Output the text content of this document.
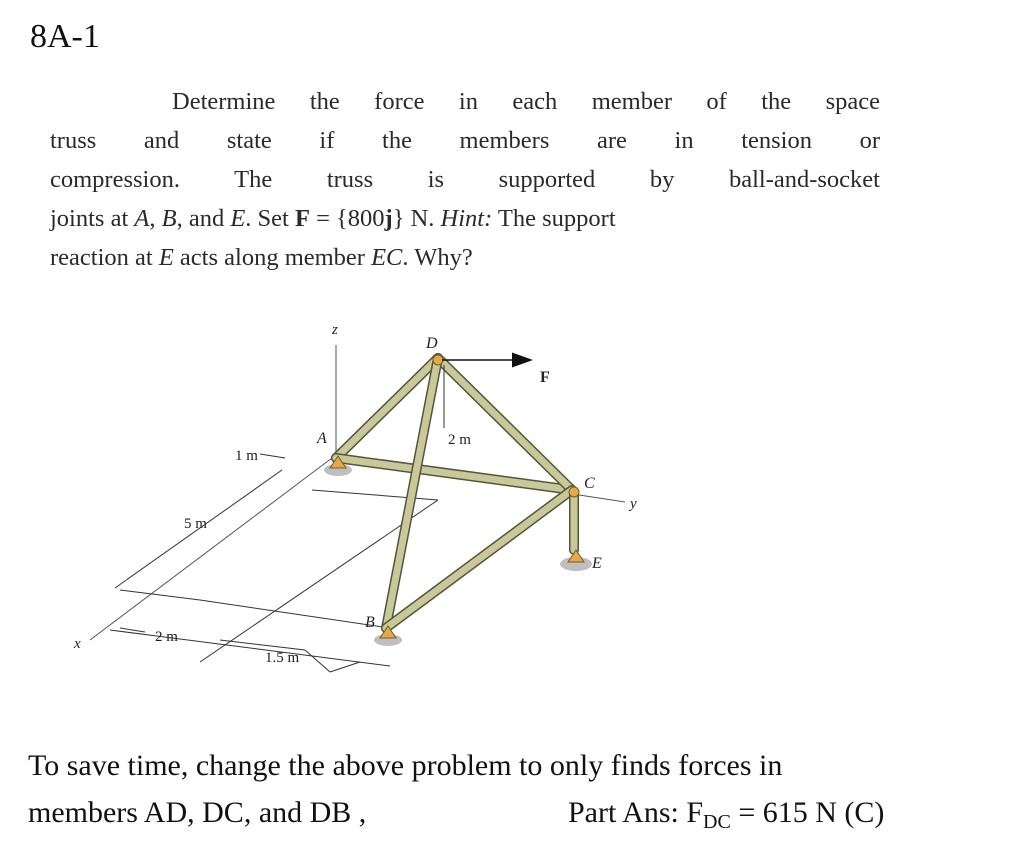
8A-1
Determine the force in each member of the space
truss and state if the members are in tension or
compression. The truss is supported by ball-and-socket
joints at A, B, and E. Set F = {800j} N. Hint: The support
reaction at E acts along member EC. Why?
z
x
y
D
F
A
C
E
B
2 m
1 m
5 m
2 m
1.5 m
To save time, change the above problem to only finds forces in
members AD, DC, and DB ,	Part Ans: $F_{DC} = 615$ N (C)
